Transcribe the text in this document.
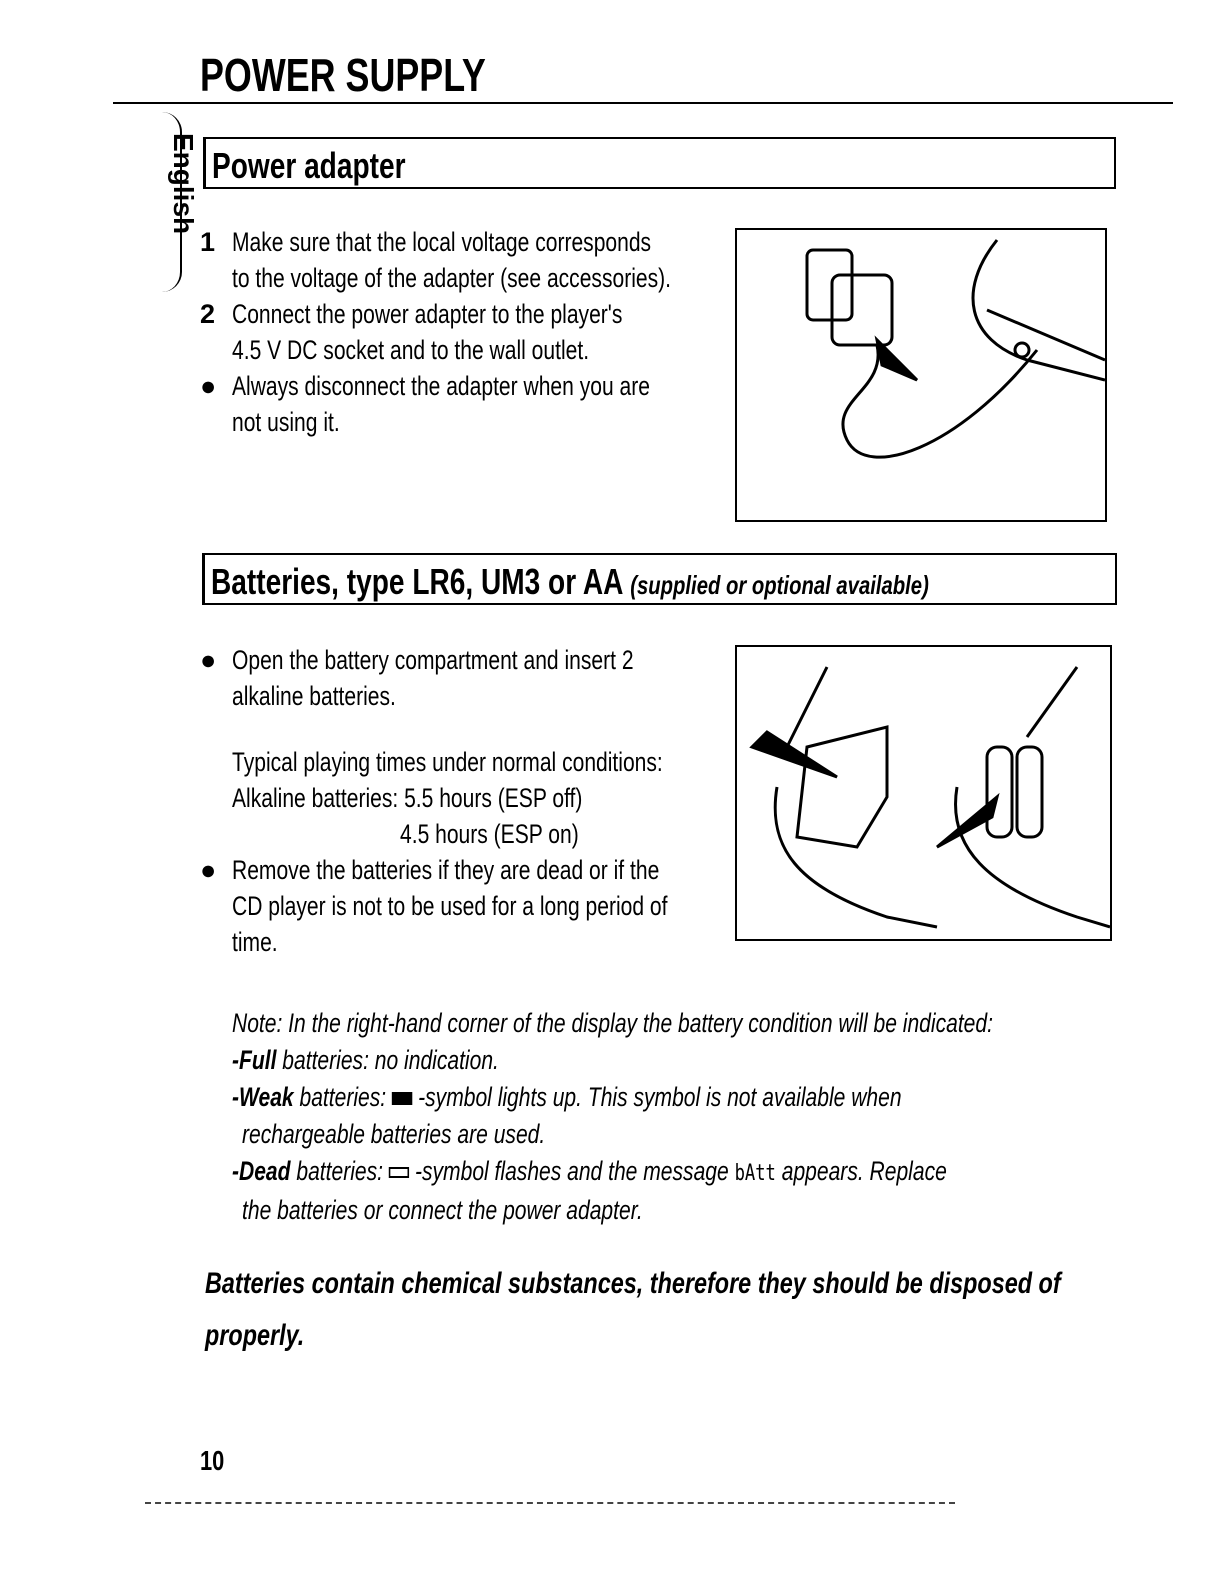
POWER SUPPLY
English Power adapter
1 Make sure that the local voltage corresponds
to the voltage of the adapter (see accessories).
2 Connect the power adapter to the player's
4.5 V DC socket and to the wall outlet.
● Always disconnect the adapter when you are
not using it.
Batteries, type LR6, UM3 or AA (supplied or optional available)
● Open the battery compartment and insert 2
alkaline batteries.
Typical playing times under normal conditions:
Alkaline batteries: 5.5 hours (ESP off)
4.5 hours (ESP on)
● Remove the batteries if they are dead or if the
CD player is not to be used for a long period of
time.
Note: In the right-hand corner of the display the battery condition will be indicated:
-Full batteries: no indication.
-Weak batteries:  -symbol lights up. This symbol is not available when
rechargeable batteries are used.
-Dead batteries:  -symbol flashes and the message bAtt appears. Replace
the batteries or connect the power adapter.
Batteries contain chemical substances, therefore they should be disposed of
properly.
10
